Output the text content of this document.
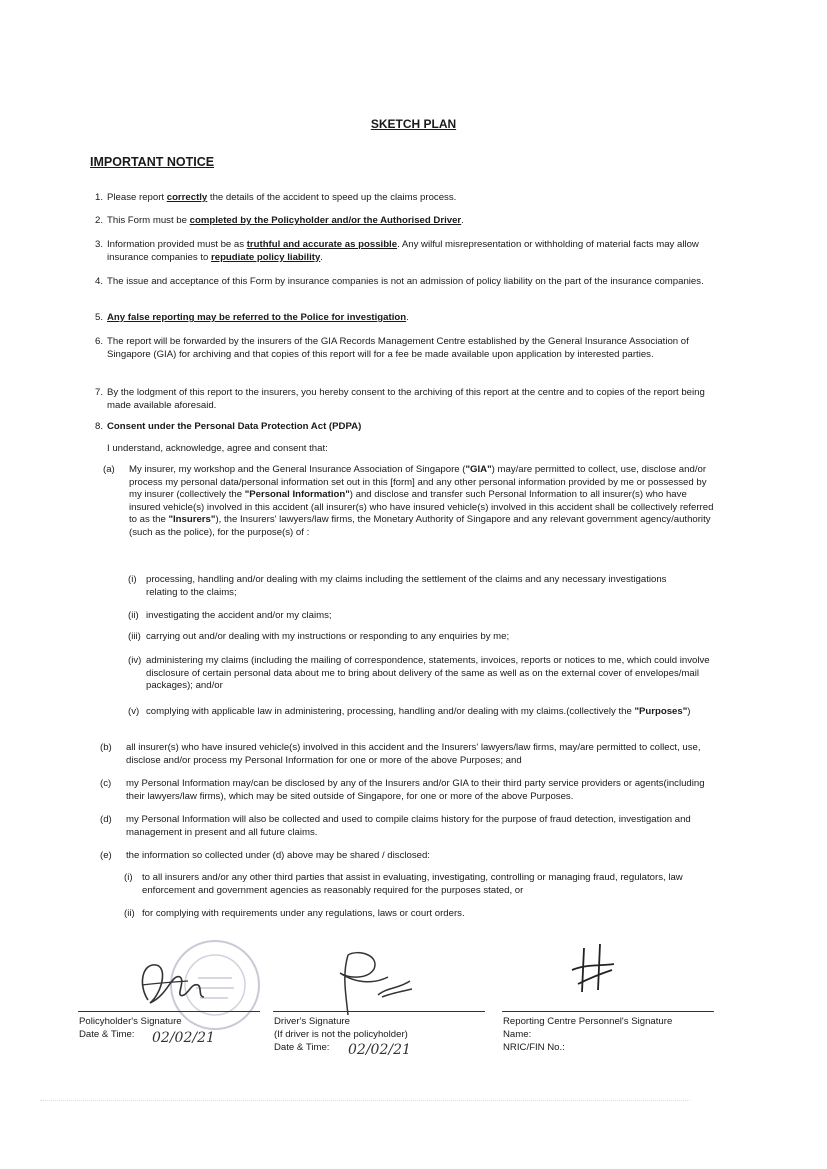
SKETCH PLAN
IMPORTANT NOTICE
1. Please report correctly the details of the accident to speed up the claims process.
2. This Form must be completed by the Policyholder and/or the Authorised Driver.
3. Information provided must be as truthful and accurate as possible. Any wilful misrepresentation or withholding of material facts may allow insurance companies to repudiate policy liability.
4. The issue and acceptance of this Form by insurance companies is not an admission of policy liability on the part of the insurance companies.
5. Any false reporting may be referred to the Police for investigation.
6. The report will be forwarded by the insurers of the GIA Records Management Centre established by the General Insurance Association of Singapore (GIA) for archiving and that copies of this report will for a fee be made available upon application by interested parties.
7. By the lodgment of this report to the insurers, you hereby consent to the archiving of this report at the centre and to copies of the report being made available aforesaid.
8. Consent under the Personal Data Protection Act (PDPA)
I understand, acknowledge, agree and consent that:
(a) My insurer, my workshop and the General Insurance Association of Singapore ("GIA") may/are permitted to collect, use, disclose and/or process my personal data/personal information set out in this [form] and any other personal information provided by me or possessed by my insurer (collectively the "Personal Information") and disclose and transfer such Personal Information to all insurer(s) who have insured vehicle(s) involved in this accident (all insurer(s) who have insured vehicle(s) involved in this accident shall be collectively referred to as the "Insurers"), the Insurers' lawyers/law firms, the Monetary Authority of Singapore and any relevant government agency/authority (such as the police), for the purpose(s) of :
(i) processing, handling and/or dealing with my claims including the settlement of the claims and any necessary investigations relating to the claims;
(ii) investigating the accident and/or my claims;
(iii) carrying out and/or dealing with my instructions or responding to any enquiries by me;
(iv) administering my claims (including the mailing of correspondence, statements, invoices, reports or notices to me, which could involve disclosure of certain personal data about me to bring about delivery of the same as well as on the external cover of envelopes/mail packages); and/or
(v) complying with applicable law in administering, processing, handling and/or dealing with my claims.(collectively the "Purposes")
(b) all insurer(s) who have insured vehicle(s) involved in this accident and the Insurers' lawyers/law firms, may/are permitted to collect, use, disclose and/or process my Personal Information for one or more of the above Purposes; and
(c) my Personal Information may/can be disclosed by any of the Insurers and/or GIA to their third party service providers or agents(including their lawyers/law firms), which may be sited outside of Singapore, for one or more of the above Purposes.
(d) my Personal Information will also be collected and used to compile claims history for the purpose of fraud detection, investigation and management in present and all future claims.
(e) the information so collected under (d) above may be shared / disclosed:
(i) to all insurers and/or any other third parties that assist in evaluating, investigating, controlling or managing fraud, regulators, law enforcement and government agencies as reasonably required for the purposes stated, or
(ii) for complying with requirements under any regulations, laws or court orders.
Policyholder's Signature
Date & Time:	02/02/21
Driver's Signature
(If driver is not the policyholder)
Date & Time:	02/02/21
Reporting Centre Personnel's Signature
Name:
NRIC/FIN No.:
